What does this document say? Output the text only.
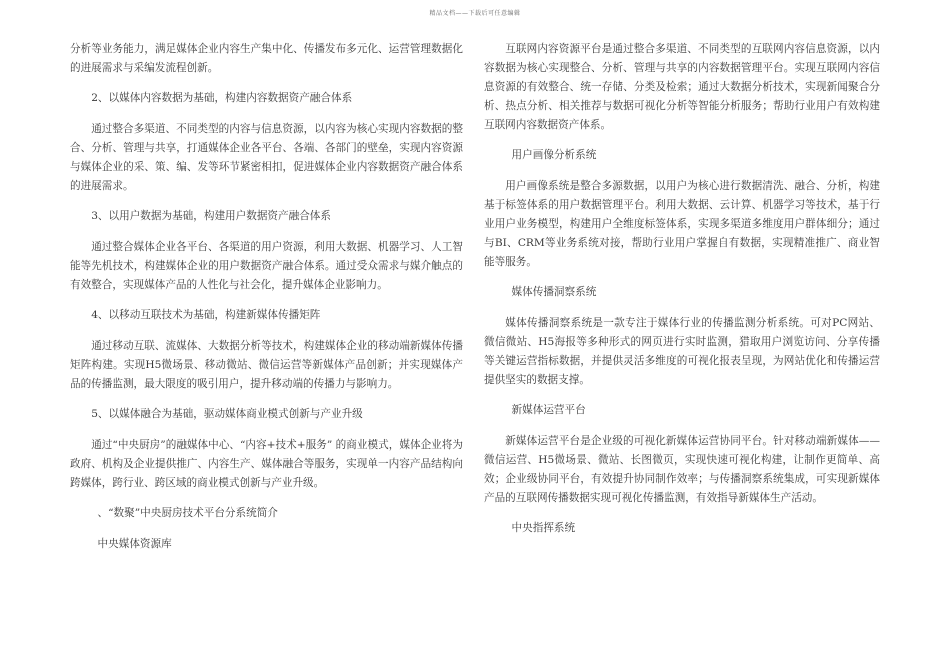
精品文档——下载后可任意编辑

分析等业务能力，满足媒体企业内容生产集中化、传播发布多元化、运营管理数据化的进展需求与采编发流程创新。

2、以媒体内容数据为基础，构建内容数据资产融合体系

通过整合多渠道、不同类型的内容与信息资源，以内容为核心实现内容数据的整合、分析、管理与共享，打通媒体企业各平台、各端、各部门的壁垒，实现内容资源与媒体企业的采、策、编、发等环节紧密相扣，促进媒体企业内容数据资产融合体系的进展需求。

3、以用户数据为基础，构建用户数据资产融合体系

通过整合媒体企业各平台、各渠道的用户资源，利用大数据、机器学习、人工智能等先机技术，构建媒体企业的用户数据资产融合体系。通过受众需求与媒介触点的有效整合，实现媒体产品的人性化与社会化，提升媒体企业影响力。

4、以移动互联技术为基础，构建新媒体传播矩阵

通过移动互联、流媒体、大数据分析等技术，构建媒体企业的移动端新媒体传播矩阵构建。实现H5微场景、移动微站、微信运营等新媒体产品创新；并实现媒体产品的传播监测，最大限度的吸引用户，提升移动端的传播力与影响力。

5、以媒体融合为基础，驱动媒体商业模式创新与产业升级

通过“中央厨房”的融媒体中心、“内容+技术+服务” 的商业模式，媒体企业将为政府、机构及企业提供推广、内容生产、媒体融合等服务，实现单一内容产品结构向跨媒体，跨行业、跨区域的商业模式创新与产业升级。

、“数聚”中央厨房技术平台分系统简介

中央媒体资源库

互联网内容资源平台是通过整合多渠道、不同类型的互联网内容信息资源，以内容数据为核心实现整合、分析、管理与共享的内容数据管理平台。实现互联网内容信息资源的有效整合、统一存储、分类及检索；通过大数据分析技术，实现新闻聚合分析、热点分析、相关推荐与数据可视化分析等智能分析服务；帮助行业用户有效构建互联网内容数据资产体系。

用户画像分析系统

用户画像系统是整合多源数据，以用户为核心进行数据清洗、融合、分析，构建基于标签体系的用户数据管理平台。利用大数据、云计算、机器学习等技术，基于行业用户业务模型，构建用户全维度标签体系，实现多渠道多维度用户群体细分；通过与BI、CRM等业务系统对接，帮助行业用户掌握自有数据，实现精准推广、商业智能等服务。

媒体传播洞察系统

媒体传播洞察系统是一款专注于媒体行业的传播监测分析系统。可对PC网站、微信微站、H5海报等多种形式的网页进行实时监测，猎取用户浏览访问、分享传播等关键运营指标数据，并提供灵活多维度的可视化报表呈现，为网站优化和传播运营提供坚实的数据支撑。

新媒体运营平台

新媒体运营平台是企业级的可视化新媒体运营协同平台。针对移动端新媒体——微信运营、H5微场景、微站、长图微页，实现快速可视化构建，让制作更简单、高效；企业级协同平台，有效提升协同制作效率；与传播洞察系统集成，可实现新媒体产品的互联网传播数据实现可视化传播监测，有效指导新媒体生产活动。

中央指挥系统
